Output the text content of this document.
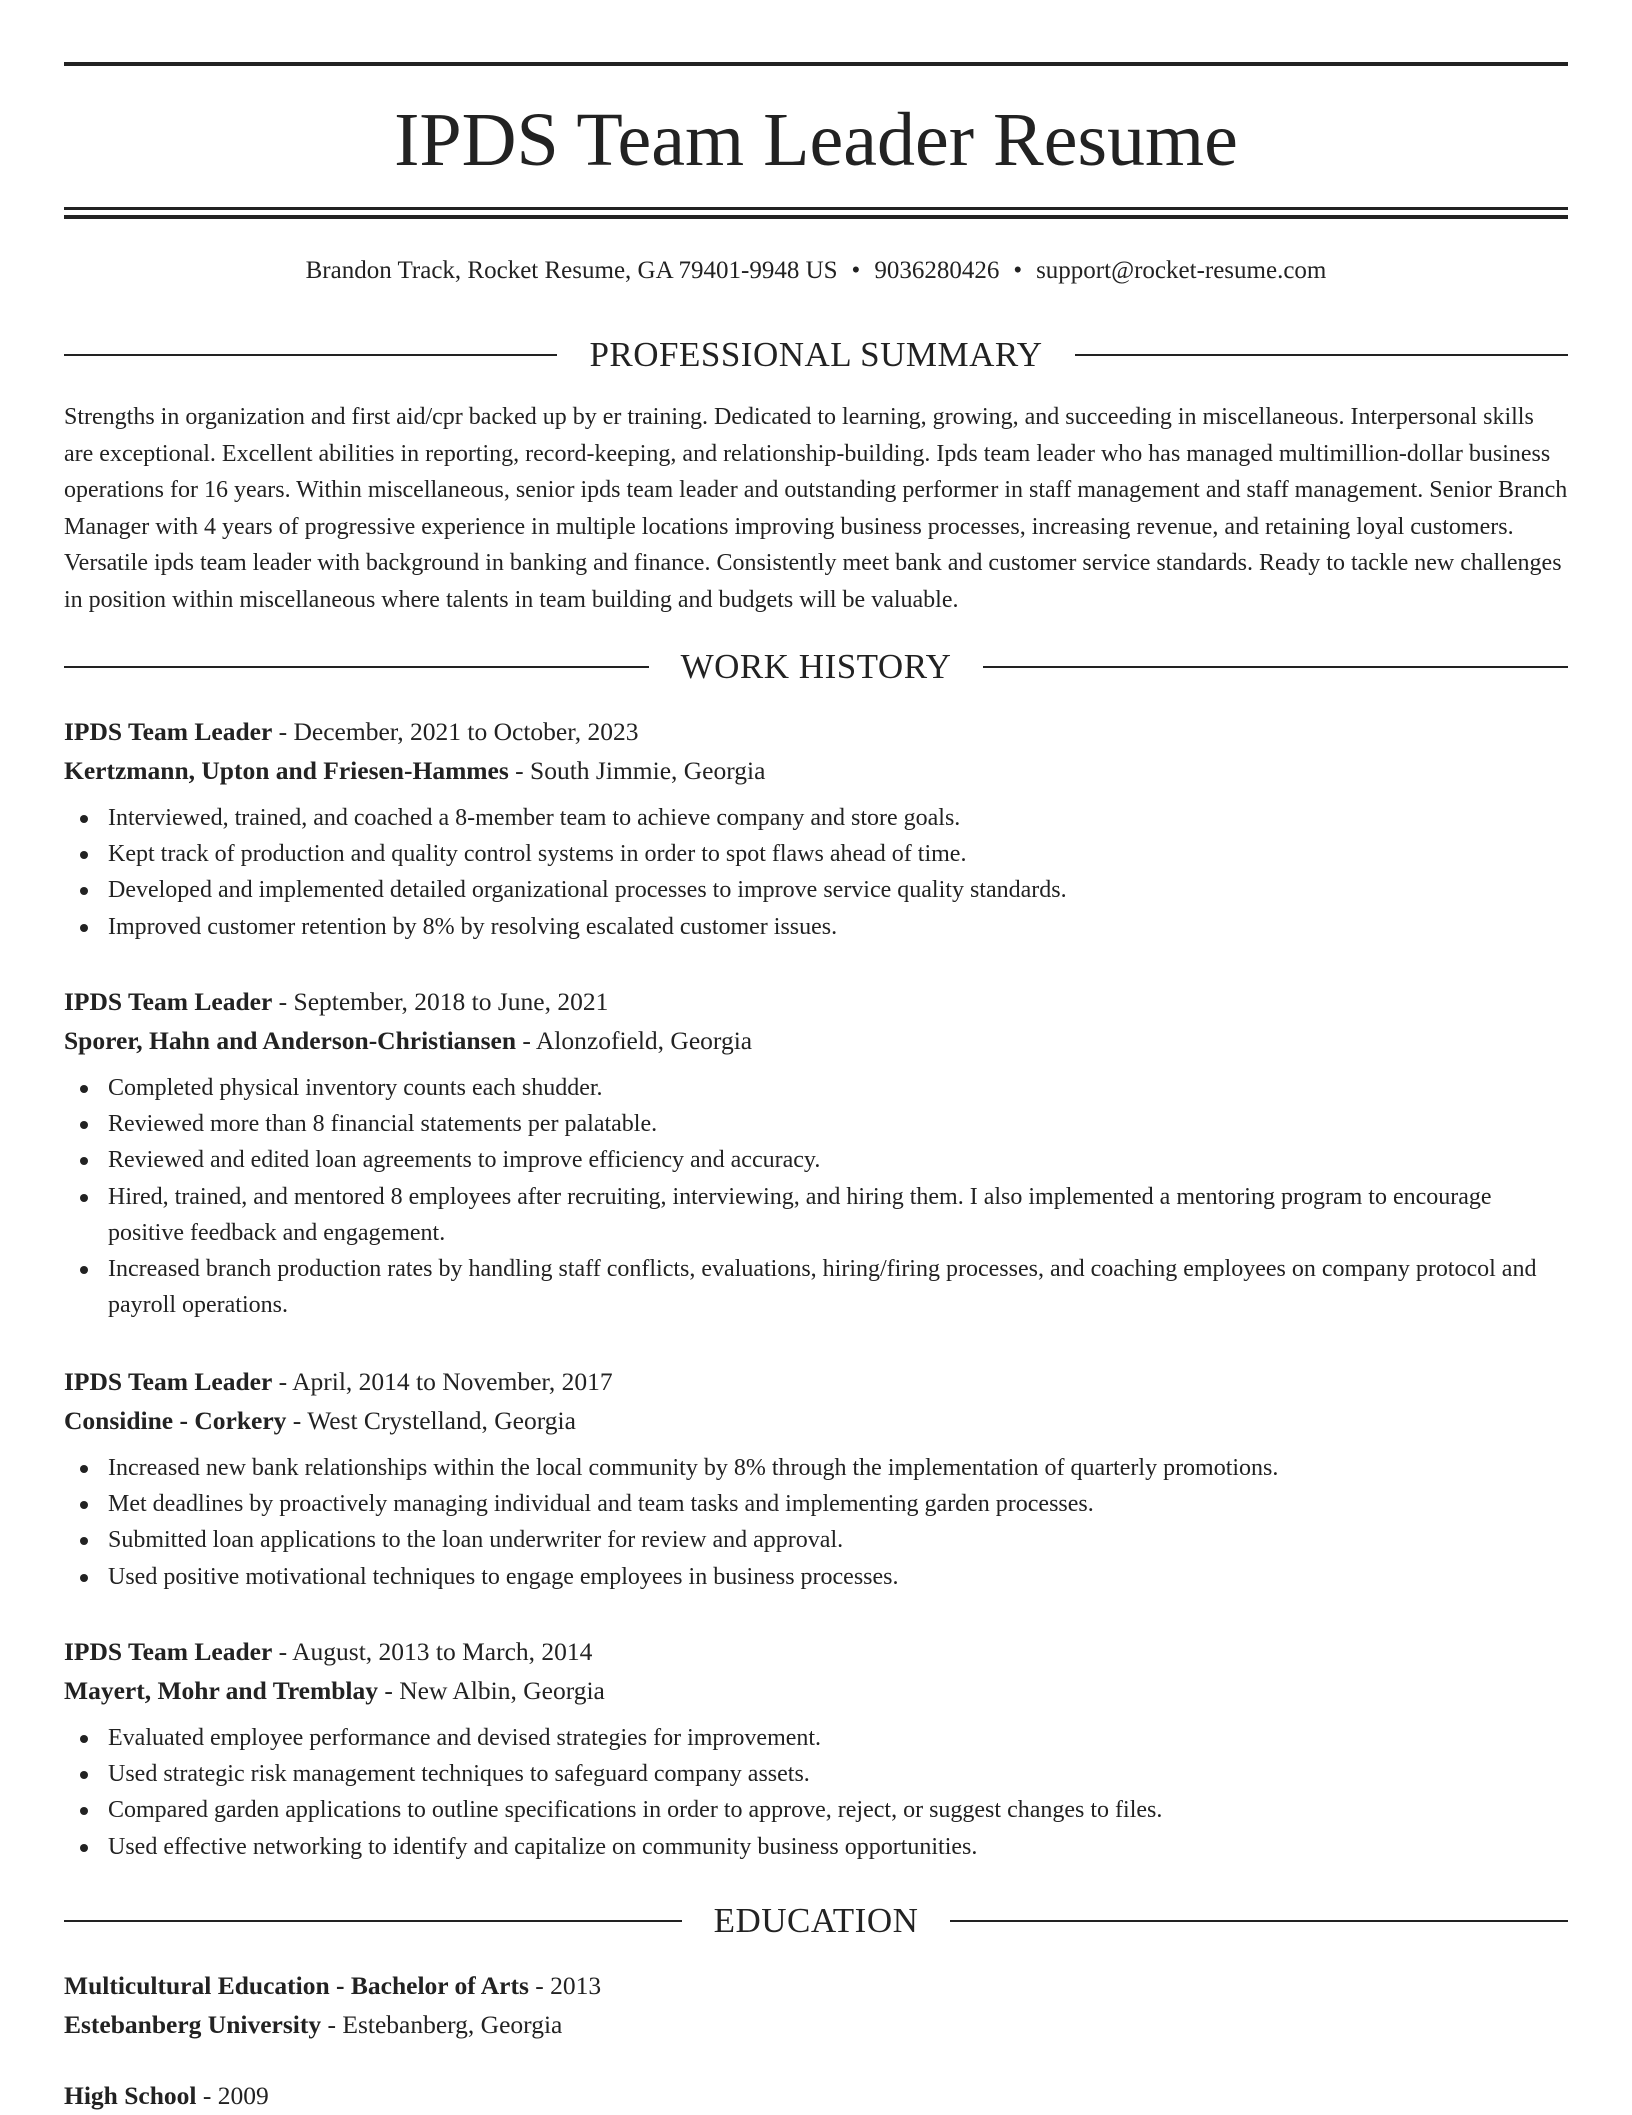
IPDS Team Leader Resume
Brandon Track, Rocket Resume, GA 79401-9948 US • 9036280426 • support@rocket-resume.com
PROFESSIONAL SUMMARY

Strengths in organization and first aid/cpr backed up by er training. Dedicated to learning, growing, and succeeding in miscellaneous. Interpersonal skills are exceptional. Excellent abilities in reporting, record-keeping, and relationship-building. Ipds team leader who has managed multimillion-dollar business operations for 16 years. Within miscellaneous, senior ipds team leader and outstanding performer in staff management and staff management. Senior Branch Manager with 4 years of progressive experience in multiple locations improving business processes, increasing revenue, and retaining loyal customers. Versatile ipds team leader with background in banking and finance. Consistently meet bank and customer service standards. Ready to tackle new challenges in position within miscellaneous where talents in team building and budgets will be valuable.

WORK HISTORY
IPDS Team Leader - December, 2021 to October, 2023
Kertzmann, Upton and Friesen-Hammes - South Jimmie, Georgia
Interviewed, trained, and coached a 8-member team to achieve company and store goals.
Kept track of production and quality control systems in order to spot flaws ahead of time.
Developed and implemented detailed organizational processes to improve service quality standards.
Improved customer retention by 8% by resolving escalated customer issues.
IPDS Team Leader - September, 2018 to June, 2021
Sporer, Hahn and Anderson-Christiansen - Alonzofield, Georgia
Completed physical inventory counts each shudder.
Reviewed more than 8 financial statements per palatable.
Reviewed and edited loan agreements to improve efficiency and accuracy.
Hired, trained, and mentored 8 employees after recruiting, interviewing, and hiring them. I also implemented a mentoring program to encourage positive feedback and engagement.
Increased branch production rates by handling staff conflicts, evaluations, hiring/firing processes, and coaching employees on company protocol and payroll operations.
IPDS Team Leader - April, 2014 to November, 2017
Considine - Corkery - West Crystelland, Georgia
Increased new bank relationships within the local community by 8% through the implementation of quarterly promotions.
Met deadlines by proactively managing individual and team tasks and implementing garden processes.
Submitted loan applications to the loan underwriter for review and approval.
Used positive motivational techniques to engage employees in business processes.
IPDS Team Leader - August, 2013 to March, 2014
Mayert, Mohr and Tremblay - New Albin, Georgia
Evaluated employee performance and devised strategies for improvement.
Used strategic risk management techniques to safeguard company assets.
Compared garden applications to outline specifications in order to approve, reject, or suggest changes to files.
Used effective networking to identify and capitalize on community business opportunities.
EDUCATION
Multicultural Education - Bachelor of Arts - 2013
Estebanberg University - Estebanberg, Georgia
High School - 2009
